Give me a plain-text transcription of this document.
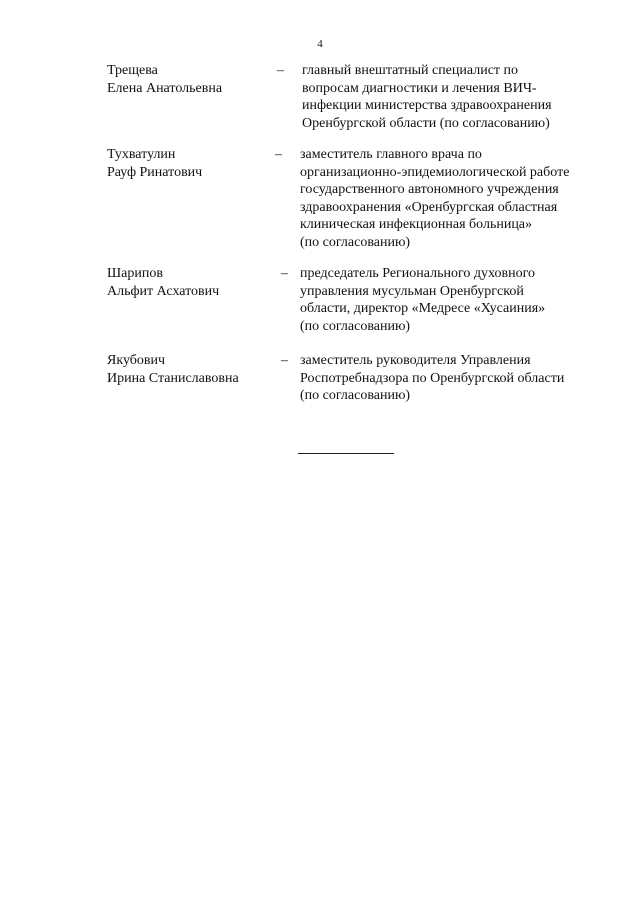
4
Трещева
Елена Анатольевна
– главный внештатный специалист по
вопросам диагностики и лечения ВИЧ-
инфекции министерства здравоохранения
Оренбургской области (по согласованию)
Тухватулин
Рауф Ринатович
– заместитель главного врача по
организационно-эпидемиологической работе
государственного автономного учреждения
здравоохранения «Оренбургская областная
клиническая инфекционная больница»
(по согласованию)
Шарипов
Альфит Асхатович
– председатель Регионального духовного
управления мусульман Оренбургской
области, директор «Медресе «Хусаиния»
(по согласованию)
Якубович
Ирина Станиславовна
– заместитель руководителя Управления
Роспотребнадзора по Оренбургской области
(по согласованию)
